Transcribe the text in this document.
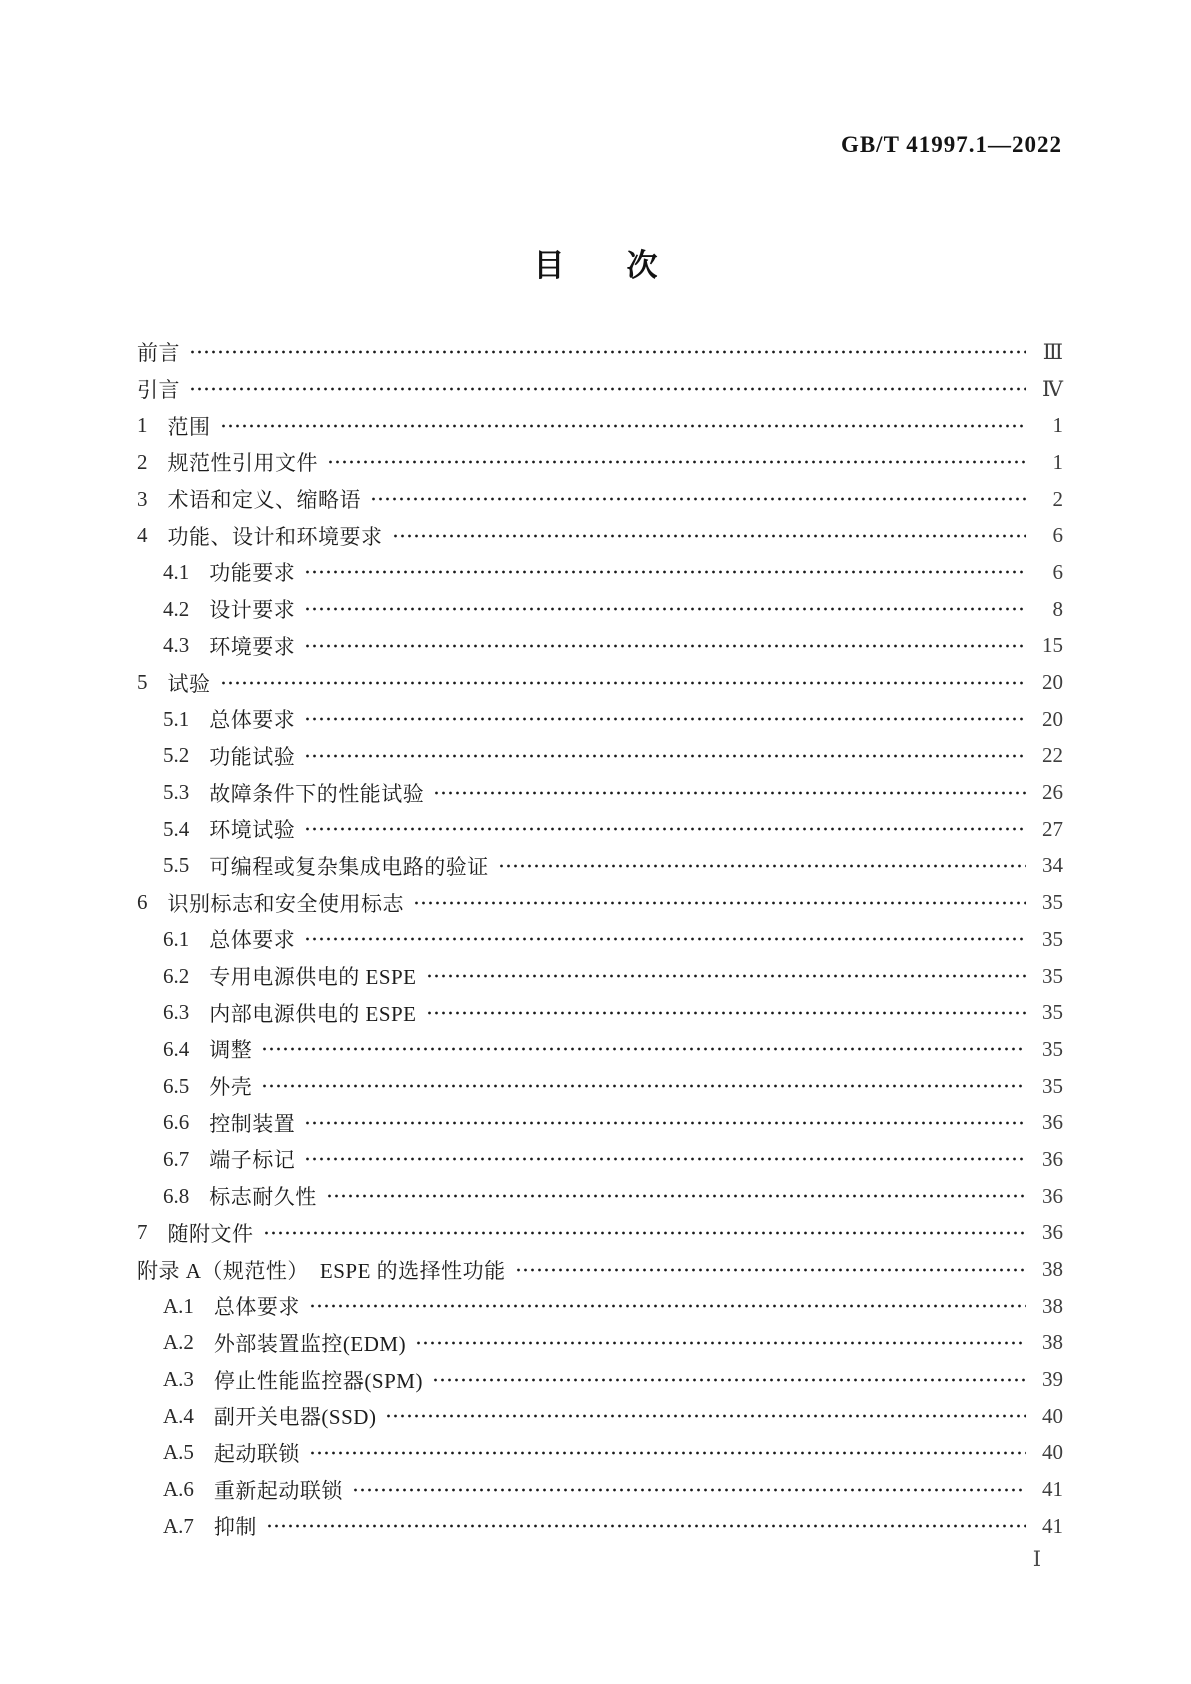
GB/T 41997.1—2022
目　　次
前言	Ⅲ
引言	Ⅳ
1 范围	1
2 规范性引用文件	1
3 术语和定义、缩略语	2
4 功能、设计和环境要求	6
4.1 功能要求	6
4.2 设计要求	8
4.3 环境要求	15
5 试验	20
5.1 总体要求	20
5.2 功能试验	22
5.3 故障条件下的性能试验	26
5.4 环境试验	27
5.5 可编程或复杂集成电路的验证	34
6 识别标志和安全使用标志	35
6.1 总体要求	35
6.2 专用电源供电的 ESPE	35
6.3 内部电源供电的 ESPE	35
6.4 调整	35
6.5 外壳	35
6.6 控制装置	36
6.7 端子标记	36
6.8 标志耐久性	36
7 随附文件	36
附录 A（规范性）　ESPE 的选择性功能	38
A.1 总体要求	38
A.2 外部装置监控(EDM)	38
A.3 停止性能监控器(SPM)	39
A.4 副开关电器(SSD)	40
A.5 起动联锁	40
A.6 重新起动联锁	41
A.7 抑制	41
Ⅰ
